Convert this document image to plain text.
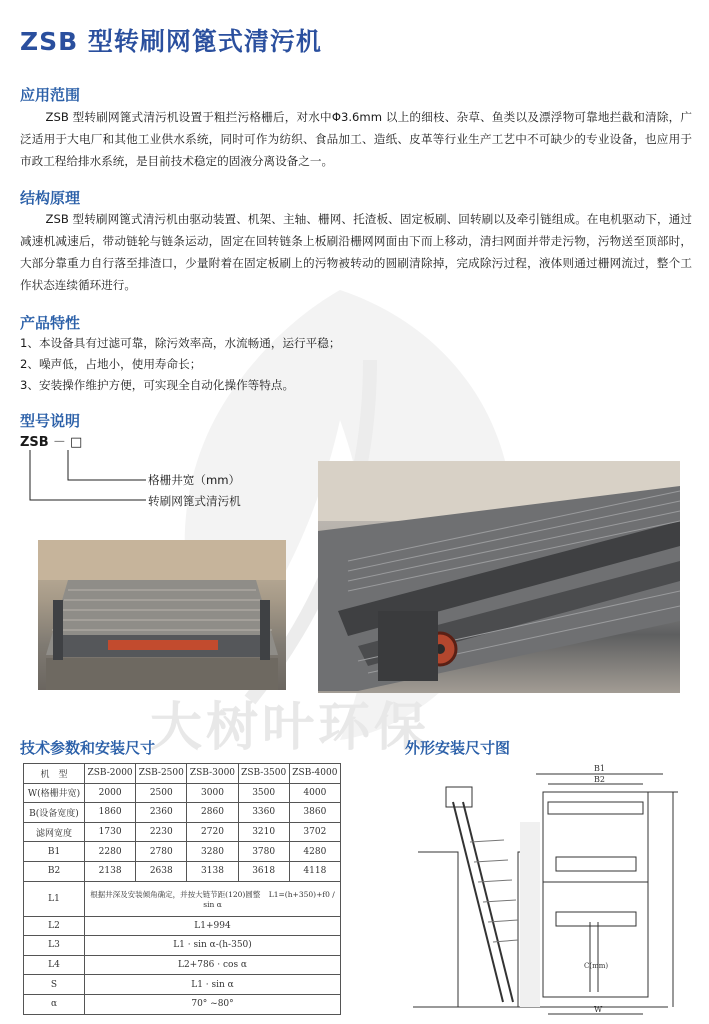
ZSB 型转刷网篦式清污机
应用范围
ZSB 型转刷网篦式清污机设置于粗拦污格栅后，对水中Φ3.6mm 以上的细枝、杂草、鱼类以及漂浮物可靠地拦截和清除，广泛适用于大电厂和其他工业供水系统，同时可作为纺织、食品加工、造纸、皮革等行业生产工艺中不可缺少的专业设备，也应用于市政工程给排水系统，是目前技术稳定的固液分离设备之一。
结构原理
ZSB 型转刷网篦式清污机由驱动装置、机架、主轴、栅网、托渣板、固定板刷、回转刷以及牵引链组成。在电机驱动下，通过减速机减速后，带动链轮与链条运动，固定在回转链条上板刷沿栅网网面由下而上移动，清扫网面并带走污物，污物送至顶部时，大部分靠重力自行落至排渣口，少量附着在固定板刷上的污物被转动的圆刷清除掉，完成除污过程，液体则通过栅网流过，整个工作状态连续循环进行。
产品特性
1、本设备具有过滤可靠，除污效率高，水流畅通，运行平稳；
2、噪声低，占地小，使用寿命长；
3、安装操作维护方便，可实现全自动化操作等特点。
型号说明
ZSB － □
格栅井宽（mm）
转刷网篦式清污机
大树叶环保
技术参数和安装尺寸	外形安装尺寸图
机　型	ZSB-2000	ZSB-2500	ZSB-3000	ZSB-3500	ZSB-4000
W(格栅井宽)	2000	2500	3000	3500	4000
B(设备宽度)	1860	2360	2860	3360	3860
滤网宽度	1730	2230	2720	3210	3702
B1	2280	2780	3280	3780	4280
B2	2138	2638	3138	3618	4118
L1	根据井深及安装倾角确定，并按大链节距(120)圆整 L1=(h+350)+f0 / sin α				
L2	L1+994				
L3	L1 · sin α-(h-350)				
L4	L2+786 · cos α				
S	L1 · sin α				
α	70° ~80°				
B1
B2
W
C(mm)
